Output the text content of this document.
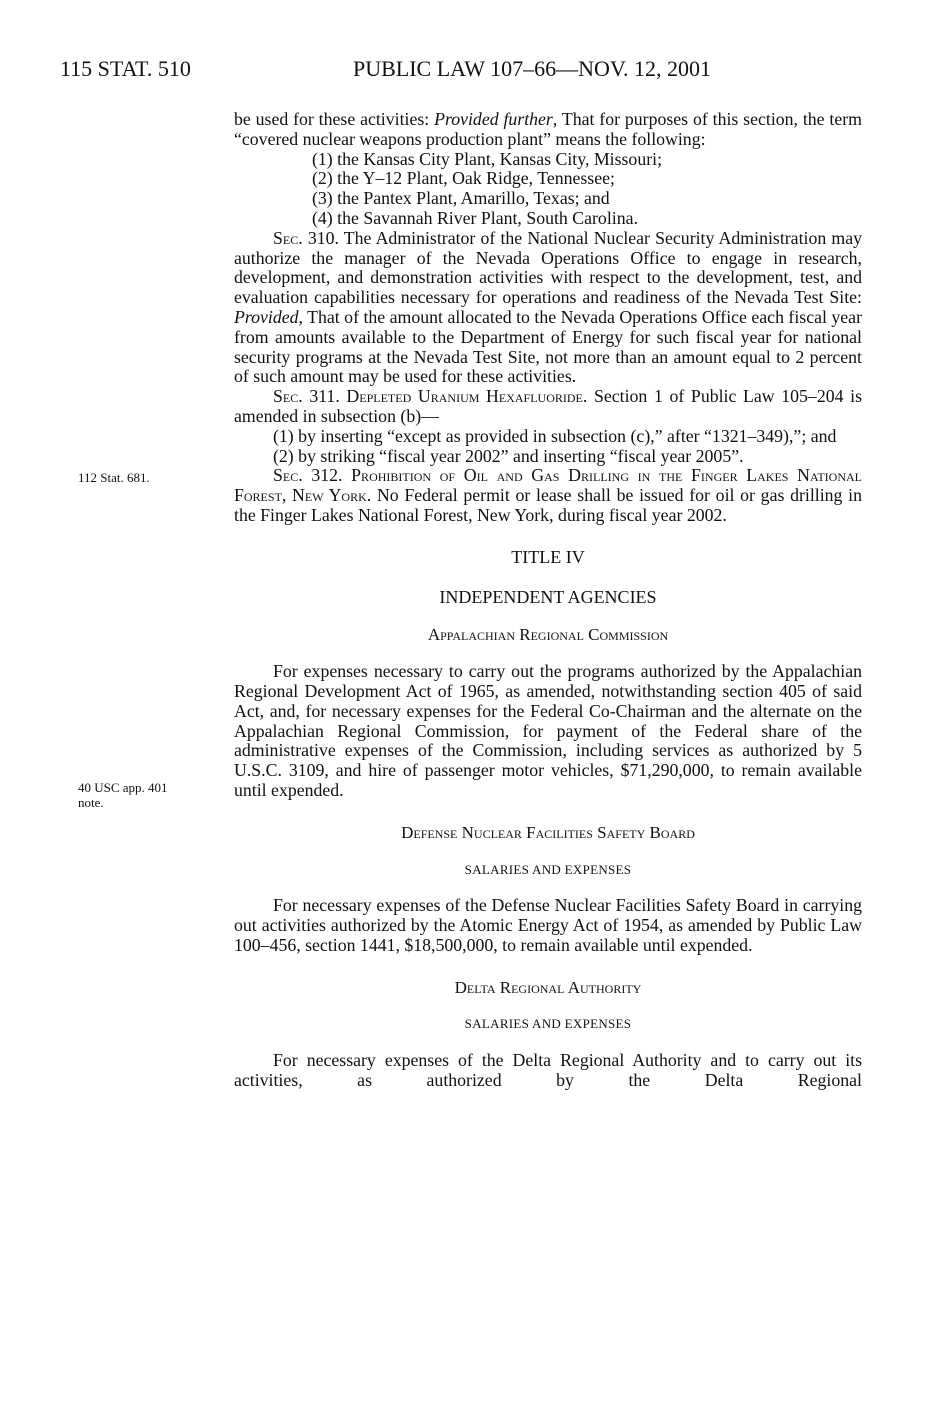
115 STAT. 510	PUBLIC LAW 107–66—NOV. 12, 2001
112 Stat. 681.
40 USC app. 401
note.

be used for these activities: Provided further, That for purposes of this section, the term “covered nuclear weapons production plant” means the following:

(1) the Kansas City Plant, Kansas City, Missouri;

(2) the Y–12 Plant, Oak Ridge, Tennessee;

(3) the Pantex Plant, Amarillo, Texas; and

(4) the Savannah River Plant, South Carolina.

Sec. 310. The Administrator of the National Nuclear Security Administration may authorize the manager of the Nevada Operations Office to engage in research, development, and demonstration activities with respect to the development, test, and evaluation capabilities necessary for operations and readiness of the Nevada Test Site: Provided, That of the amount allocated to the Nevada Operations Office each fiscal year from amounts available to the Department of Energy for such fiscal year for national security programs at the Nevada Test Site, not more than an amount equal to 2 percent of such amount may be used for these activities.

Sec. 311. Depleted Uranium Hexafluoride. Section 1 of Public Law 105–204 is amended in subsection (b)—

(1) by inserting “except as provided in subsection (c),” after “1321–349),”; and

(2) by striking “fiscal year 2002” and inserting “fiscal year 2005”.

Sec. 312. Prohibition of Oil and Gas Drilling in the Finger Lakes National Forest, New York. No Federal permit or lease shall be issued for oil or gas drilling in the Finger Lakes National Forest, New York, during fiscal year 2002.

TITLE IV

INDEPENDENT AGENCIES

Appalachian Regional Commission

For expenses necessary to carry out the programs authorized by the Appalachian Regional Development Act of 1965, as amended, notwithstanding section 405 of said Act, and, for necessary expenses for the Federal Co-Chairman and the alternate on the Appalachian Regional Commission, for payment of the Federal share of the administrative expenses of the Commission, including services as authorized by 5 U.S.C. 3109, and hire of passenger motor vehicles, $71,290,000, to remain available until expended.

Defense Nuclear Facilities Safety Board

SALARIES AND EXPENSES

For necessary expenses of the Defense Nuclear Facilities Safety Board in carrying out activities authorized by the Atomic Energy Act of 1954, as amended by Public Law 100–456, section 1441, $18,500,000, to remain available until expended.

Delta Regional Authority

SALARIES AND EXPENSES

For necessary expenses of the Delta Regional Authority and to carry out its activities, as authorized by the Delta Regional
